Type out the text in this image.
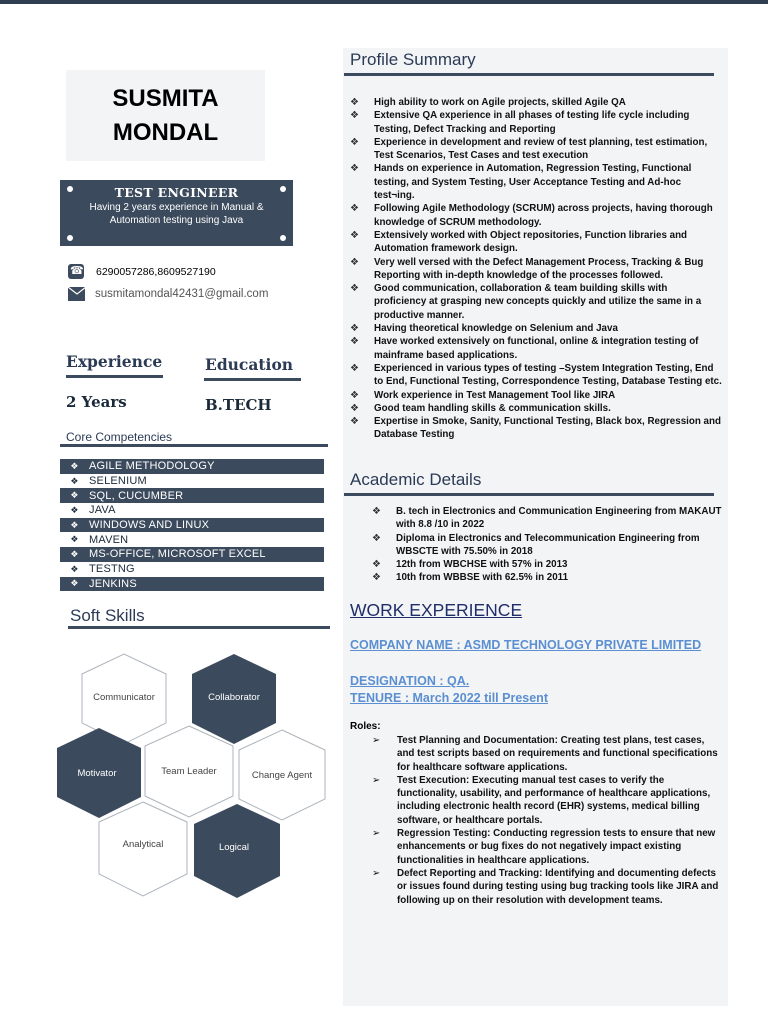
SUSMITA
MONDAL
TEST ENGINEER
Having 2 years experience in Manual & Automation testing using Java
☎
6290057286,8609527190
susmitamondal42431@gmail.com
Experience
2 Years
Education
B.TECH
Core Competencies
❖ AGILE METHODOLOGY
❖ SELENIUM
❖ SQL, CUCUMBER
❖ JAVA
❖ WINDOWS AND LINUX
❖ MAVEN
❖ MS-OFFICE, MICROSOFT EXCEL
❖ TESTNG
❖ JENKINS
Soft Skills
Communicator	Collaborator
Motivator	Team Leader	Change Agent
Analytical	Logical
Profile Summary
❖ High ability to work on Agile projects, skilled Agile QA
❖ Extensive QA experience in all phases of testing life cycle including Testing, Defect Tracking and Reporting
❖ Experience in development and review of test planning, test estimation, Test Scenarios, Test Cases and test execution
❖ Hands on experience in Automation, Regression Testing, Functional testing, and System Testing, User Acceptance Testing and Ad-hoc test¬ing.
❖ Following Agile Methodology (SCRUM) across projects, having thorough knowledge of SCRUM methodology.
❖ Extensively worked with Object repositories, Function libraries and Automation framework design.
❖ Very well versed with the Defect Management Process, Tracking & Bug Reporting with in-depth knowledge of the processes followed.
❖ Good communication, collaboration & team building skills with proficiency at grasping new concepts quickly and utilize the same in a productive manner.
❖ Having theoretical knowledge on Selenium and Java
❖ Have worked extensively on functional, online & integration testing of mainframe based applications.
❖ Experienced in various types of testing –System Integration Testing, End to End, Functional Testing, Correspondence Testing, Database Testing etc.
❖ Work experience in Test Management Tool like JIRA
❖ Good team handling skills & communication skills.
❖ Expertise in Smoke, Sanity, Functional Testing, Black box, Regression and Database Testing
Academic Details
❖ B. tech in Electronics and Communication Engineering from MAKAUT with 8.8 /10 in 2022
❖ Diploma in Electronics and Telecommunication Engineering from WBSCTE with 75.50% in 2018
❖ 12th from WBCHSE with 57% in 2013
❖ 10th from WBBSE with 62.5% in 2011
WORK EXPERIENCE
COMPANY NAME : ASMD TECHNOLOGY PRIVATE LIMITED
DESIGNATION : QA.
TENURE : March 2022 till Present
Roles:
➢ Test Planning and Documentation: Creating test plans, test cases, and test scripts based on requirements and functional specifications for healthcare software applications.
➢ Test Execution: Executing manual test cases to verify the functionality, usability, and performance of healthcare applications, including electronic health record (EHR) systems, medical billing software, or healthcare portals.
➢ Regression Testing: Conducting regression tests to ensure that new enhancements or bug fixes do not negatively impact existing functionalities in healthcare applications.
➢ Defect Reporting and Tracking: Identifying and documenting defects or issues found during testing using bug tracking tools like JIRA and following up on their resolution with development teams.
